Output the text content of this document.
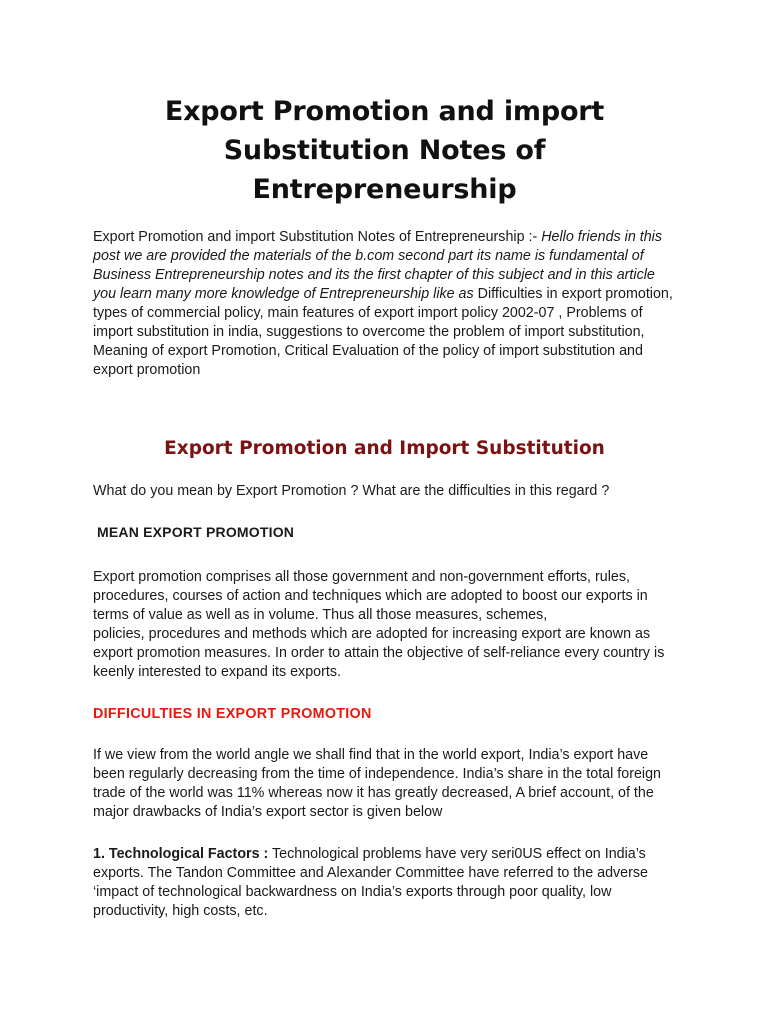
Export Promotion and import
Substitution Notes of Entrepreneurship

Export Promotion and import Substitution Notes of Entrepreneurship :- Hello friends in this post we are provided the materials of the b.com second part its name is fundamental of Business Entrepreneurship notes and its the first chapter of this subject and in this article you learn many more knowledge of Entrepreneurship like as Difficulties in export promotion, types of commercial policy, main features of export import policy 2002-07 , Problems of import substitution in india, suggestions to overcome the problem of import substitution, Meaning of export Promotion, Critical Evaluation of the policy of import substitution and export promotion

Export Promotion and Import Substitution

What do you mean by Export Promotion ? What are the difficulties in this regard ?

MEAN EXPORT PROMOTION

Export promotion comprises all those government and non-government efforts, rules, procedures, courses of action and techniques which are adopted to boost our exports in terms of value as well as in volume. Thus all those measures, schemes,
policies, procedures and methods which are adopted for increasing export are known as export promotion measures. In order to attain the objective of self-reliance every country is keenly interested to expand its exports.

DIFFICULTIES IN EXPORT PROMOTION

If we view from the world angle we shall find that in the world export, India’s export have been regularly decreasing from the time of independence. India’s share in the total foreign trade of the world was 11% whereas now it has greatly decreased, A brief account, of the major drawbacks of India’s export sector is given below

1. Technological Factors : Technological problems have very seri0US effect on India’s exports. The Tandon Committee and Alexander Committee have referred to the adverse ‘impact of technological backwardness on India’s exports through poor quality, low productivity, high costs, etc.
